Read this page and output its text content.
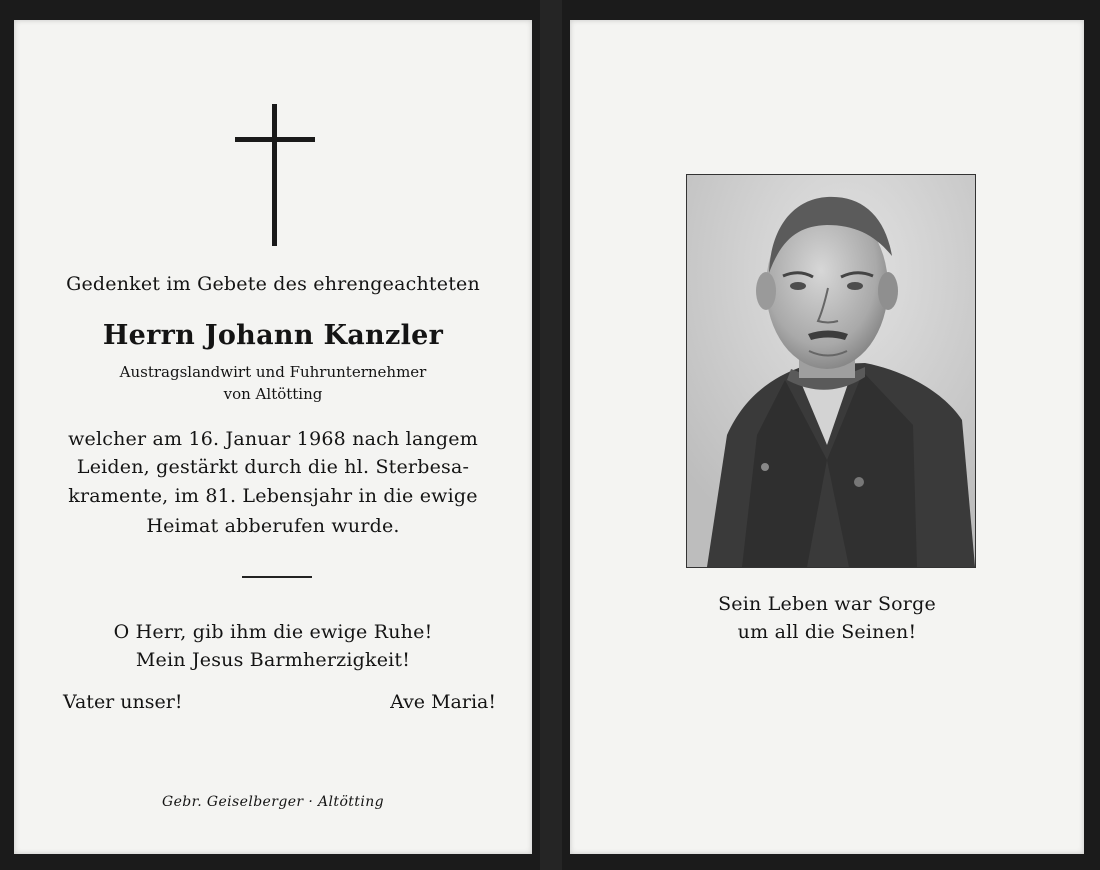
Gedenket im Gebete des ehrengeachteten
Herrn Johann Kanzler
Austragslandwirt und Fuhrunternehmer
von Altötting
welcher am 16. Januar 1968 nach langem
Leiden, gestärkt durch die hl. Sterbesa-
kramente, im 81. Lebensjahr in die ewige
Heimat abberufen wurde.
O Herr, gib ihm die ewige Ruhe!
Mein Jesus Barmherzigkeit!
Vater unser!	Ave Maria!
Gebr. Geiselberger · Altötting
Sein Leben war Sorge
um all die Seinen!
